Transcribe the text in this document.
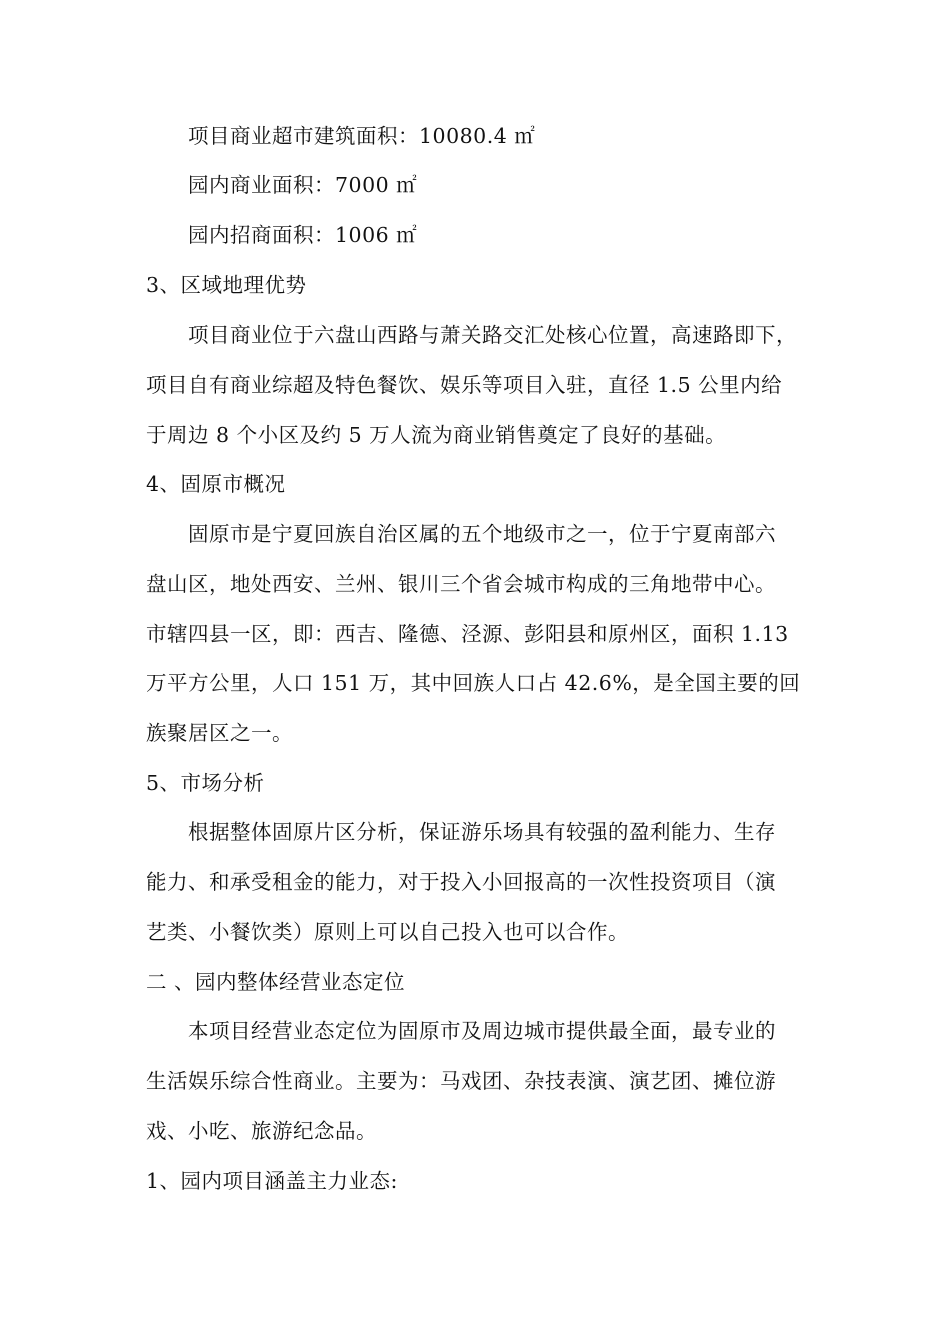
项目商业超市建筑面积：10080.4 ㎡
园内商业面积：7000 ㎡
园内招商面积：1006 ㎡
3、区域地理优势
项目商业位于六盘山西路与萧关路交汇处核心位置，高速路即下，
项目自有商业综超及特色餐饮、娱乐等项目入驻，直径 1.5 公里内给
于周边 8 个小区及约 5 万人流为商业销售奠定了良好的基础。
4、固原市概况
固原市是宁夏回族自治区属的五个地级市之一，位于宁夏南部六
盘山区，地处西安、兰州、银川三个省会城市构成的三角地带中心。
市辖四县一区，即：西吉、隆德、泾源、彭阳县和原州区，面积 1.13
万平方公里，人口 151 万，其中回族人口占 42.6%，是全国主要的回
族聚居区之一。
5、市场分析
根据整体固原片区分析，保证游乐场具有较强的盈利能力、生存
能力、和承受租金的能力，对于投入小回报高的一次性投资项目（演
艺类、小餐饮类）原则上可以自己投入也可以合作。
二 、园内整体经营业态定位
本项目经营业态定位为固原市及周边城市提供最全面，最专业的
生活娱乐综合性商业。主要为：马戏团、杂技表演、演艺团、摊位游
戏、小吃、旅游纪念品。
1、园内项目涵盖主力业态:
